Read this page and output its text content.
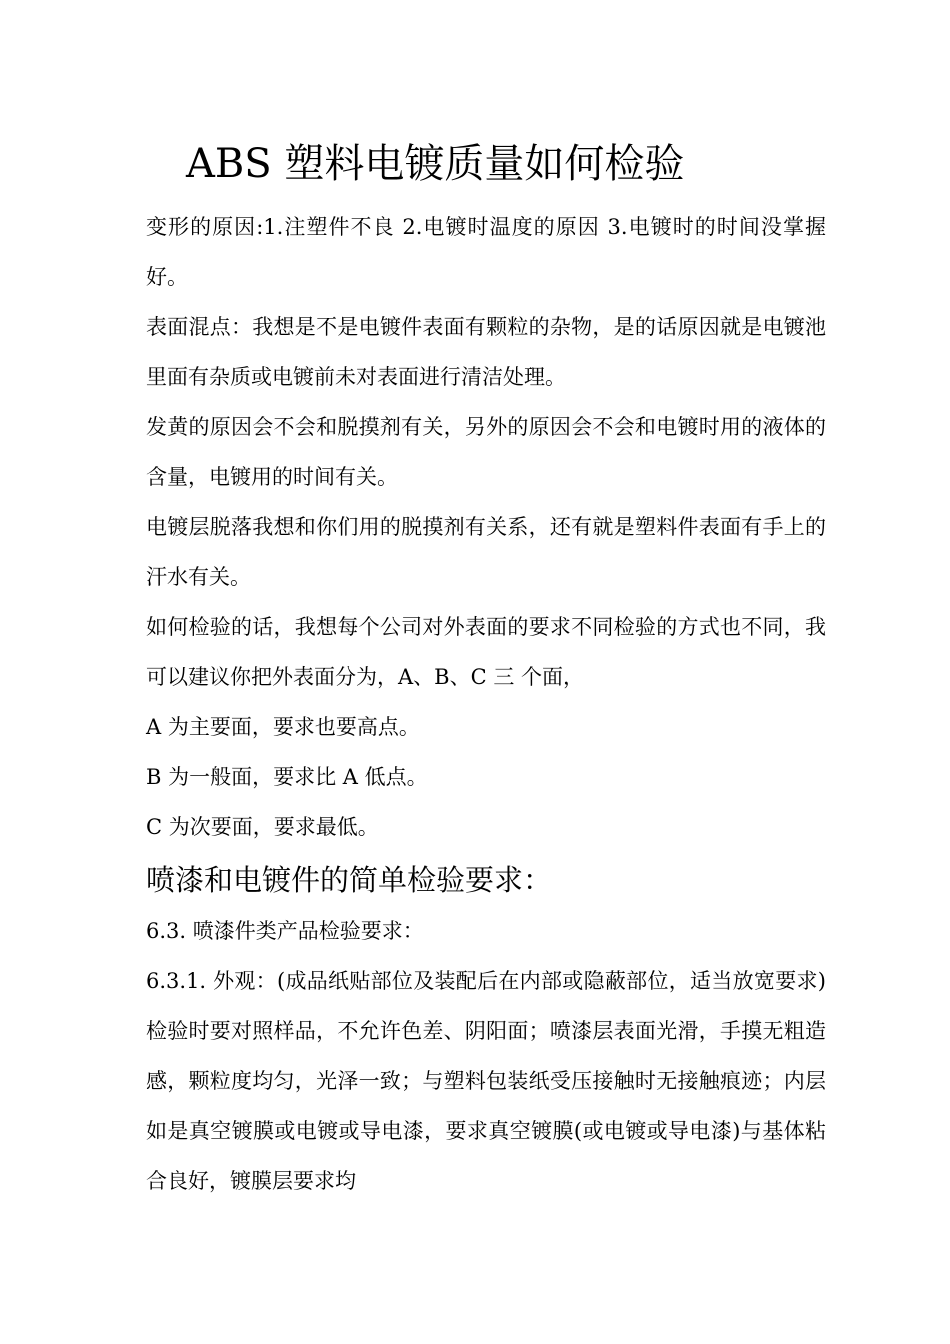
ABS 塑料电镀质量如何检验

变形的原因:1.注塑件不良 2.电镀时温度的原因 3.电镀时的时间没掌握好。

表面混点：我想是不是电镀件表面有颗粒的杂物，是的话原因就是电镀池里面有杂质或电镀前未对表面进行清洁处理。

发黄的原因会不会和脱摸剂有关，另外的原因会不会和电镀时用的液体的含量，电镀用的时间有关。

电镀层脱落我想和你们用的脱摸剂有关系，还有就是塑料件表面有手上的汗水有关。

如何检验的话，我想每个公司对外表面的要求不同检验的方式也不同，我可以建议你把外表面分为，A、B、C 三 个面，

A 为主要面，要求也要高点。

B 为一般面，要求比 A 低点。

C 为次要面，要求最低。

喷漆和电镀件的简单检验要求：

6.3. 喷漆件类产品检验要求：

6.3.1. 外观：(成品纸贴部位及装配后在内部或隐蔽部位，适当放宽要求)检验时要对照样品，不允许色差、阴阳面；喷漆层表面光滑，手摸无粗造感，颗粒度均匀，光泽一致；与塑料包装纸受压接触时无接触痕迹；内层如是真空镀膜或电镀或导电漆，要求真空镀膜(或电镀或导电漆)与基体粘合良好，镀膜层要求均
